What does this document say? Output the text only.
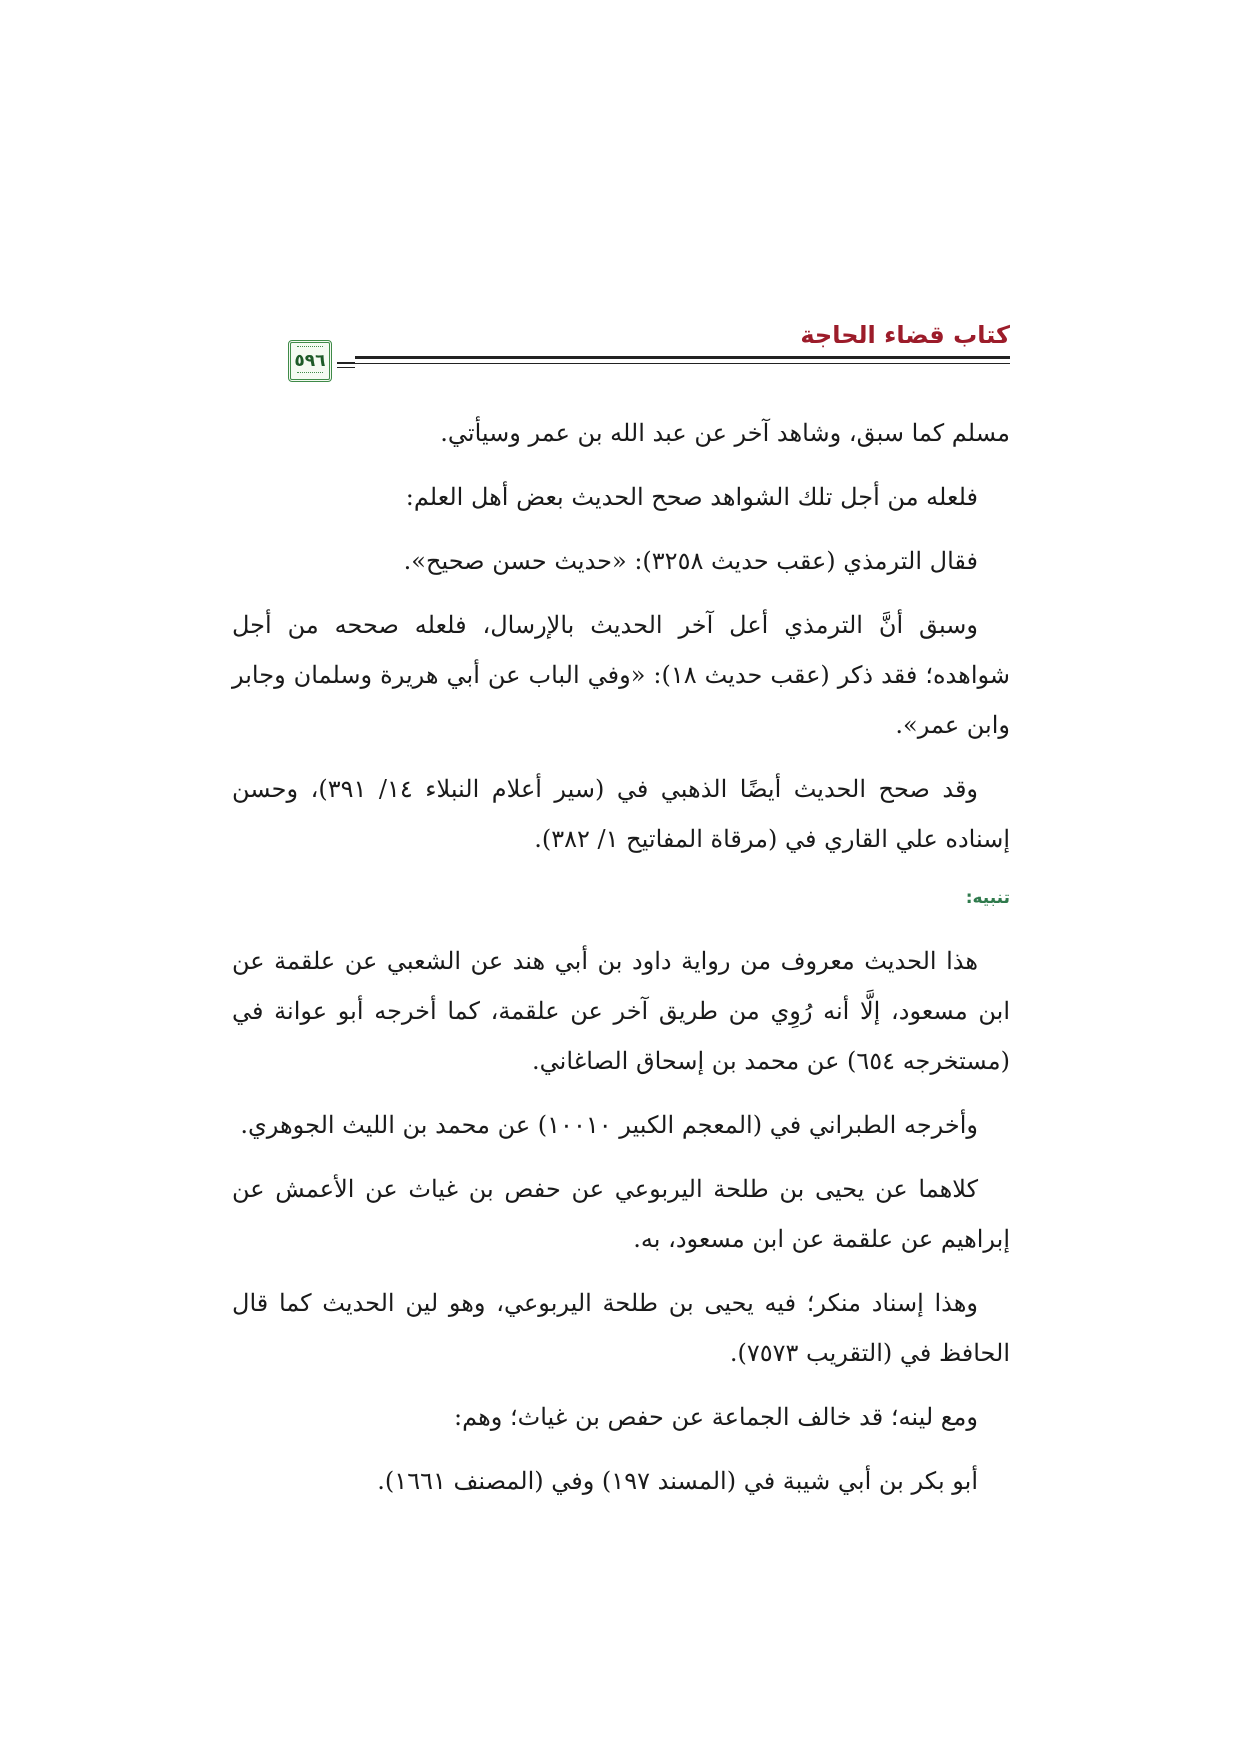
كتاب قضاء الحاجة
٥٩٦

مسلم كما سبق، وشاهد آخر عن عبد الله بن عمر وسيأتي.

فلعله من أجل تلك الشواهد صحح الحديث بعض أهل العلم:

فقال الترمذي (عقب حديث ٣٢٥٨): «حديث حسن صحيح».

وسبق أنَّ الترمذي أعل آخر الحديث بالإرسال، فلعله صححه من أجل شواهده؛ فقد ذكر (عقب حديث ١٨): «وفي الباب عن أبي هريرة وسلمان وجابر وابن عمر».

وقد صحح الحديث أيضًا الذهبي في (سير أعلام النبلاء ١٤/ ٣٩١)، وحسن إسناده علي القاري في (مرقاة المفاتيح ١/ ٣٨٢).

تنبيه:

هذا الحديث معروف من رواية داود بن أبي هند عن الشعبي عن علقمة عن ابن مسعود، إلَّا أنه رُوِي من طريق آخر عن علقمة، كما أخرجه أبو عوانة في (مستخرجه ٦٥٤) عن محمد بن إسحاق الصاغاني.

وأخرجه الطبراني في (المعجم الكبير ١٠٠١٠) عن محمد بن الليث الجوهري.

كلاهما عن يحيى بن طلحة اليربوعي عن حفص بن غياث عن الأعمش عن إبراهيم عن علقمة عن ابن مسعود، به.

وهذا إسناد منكر؛ فيه يحيى بن طلحة اليربوعي، وهو لين الحديث كما قال الحافظ في (التقريب ٧٥٧٣).

ومع لينه؛ قد خالف الجماعة عن حفص بن غياث؛ وهم:

أبو بكر بن أبي شيبة في (المسند ١٩٧) وفي (المصنف ١٦٦١).
